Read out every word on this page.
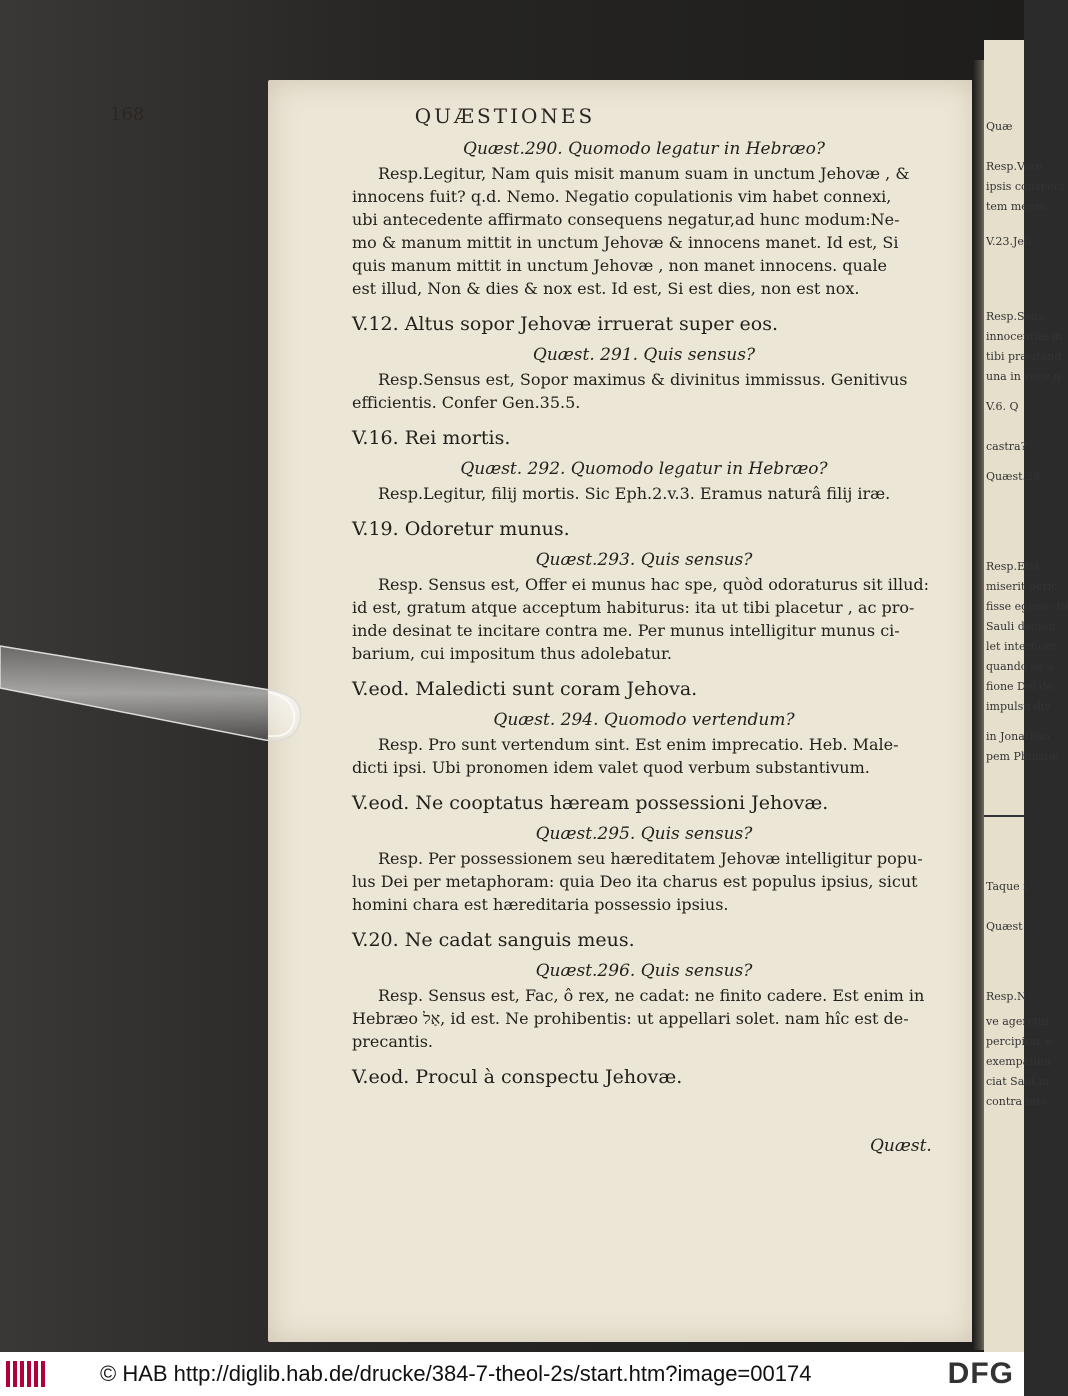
Quæ
Resp.Vero
ipsis conspect
tem meum.
V.23.Jeh
Resp.Sens
innocentiæ m
tibi præstand
una in voce n
V.6. Q
castra?
Quæst.29
Resp.Etsi
miserit peric
fisse egisse: tu
Sauli demon
let interficer
quando se a
fione Dei de
impulsu div
in Jonathan
pem Philistæ
Taque f
Quæst
Resp.N
ve agerctur
percipitur e
exempatien
ciat Saul m
contra inte
168	QUÆSTIONES
Quæst.290. Quomodo legatur in Hebræo?
Resp.Legitur, Nam quis misit manum suam in unctum Jehovæ , &
innocens fuit? q.d. Nemo. Negatio copulationis vim habet connexi,
ubi antecedente affirmato consequens negatur,ad hunc modum:Ne-
mo & manum mittit in unctum Jehovæ & innocens manet. Id est, Si
quis manum mittit in unctum Jehovæ , non manet innocens. quale
est illud, Non & dies & nox est. Id est, Si est dies, non est nox.
V.12. Altus sopor Jehovæ irruerat super eos.
Quæst. 291. Quis sensus?
Resp.Sensus est, Sopor maximus & divinitus immissus. Genitivus
efficientis. Confer Gen.35.5.
V.16. Rei mortis.
Quæst. 292. Quomodo legatur in Hebræo?
Resp.Legitur, filij mortis. Sic Eph.2.v.3. Eramus naturâ filij iræ.
V.19. Odoretur munus.
Quæst.293. Quis sensus?
Resp. Sensus est, Offer ei munus hac spe, quòd odoraturus sit illud:
id est, gratum atque acceptum habiturus: ita ut tibi placetur , ac pro-
inde desinat te incitare contra me. Per munus intelligitur munus ci-
barium, cui impositum thus adolebatur.
V.eod. Maledicti sunt coram Jehova.
Quæst. 294. Quomodo vertendum?
Resp. Pro sunt vertendum sint. Est enim imprecatio. Heb. Male-
dicti ipsi. Ubi pronomen idem valet quod verbum substantivum.
V.eod. Ne cooptatus hæream possessioni Jehovæ.
Quæst.295. Quis sensus?
Resp. Per possessionem seu hæreditatem Jehovæ intelligitur popu-
lus Dei per metaphoram: quia Deo ita charus est populus ipsius, sicut
homini chara est hæreditaria possessio ipsius.
V.20. Ne cadat sanguis meus.
Quæst.296. Quis sensus?
Resp. Sensus est, Fac, ô rex, ne cadat: ne finito cadere. Est enim in
Hebræo אַל, id est. Ne prohibentis: ut appellari solet. nam hîc est de-
precantis.
V.eod. Procul à conspectu Jehovæ.
Quæst.
© HAB http://diglib.hab.de/drucke/384-7-theol-2s/start.htm?image=00174	DFG
